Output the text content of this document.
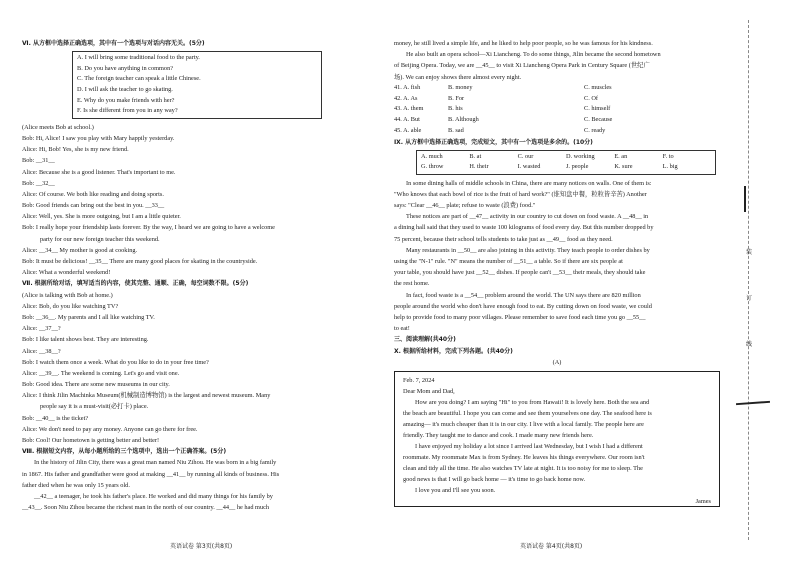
Ⅵ. 从方框中选择正确选项，其中有一个选项与对话内容无关。(5分)
A. I will bring some traditional food to the party.
B. Do you have anything in common?
C. The foreign teacher can speak a little Chinese.
D. I will ask the teacher to go skating.
E. Why do you make friends with her?
F. Is she different from you in any way?
(Alice meets Bob at school.)
Bob: Hi, Alice! I saw you play with Mary happily yesterday.
Alice: Hi, Bob! Yes, she is my new friend.
Bob: __31__
Alice: Because she is a good listener. That's important to me.
Bob: __32__
Alice: Of course. We both like reading and doing sports.
Bob: Good friends can bring out the best in you. __33__
Alice: Well, yes. She is more outgoing, but I am a little quieter.
Bob: I really hope your friendship lasts forever. By the way, I heard we are going to have a welcome
party for our new foreign teacher this weekend.
Alice: __34__ My mother is good at cooking.
Bob: It must be delicious! __35__ There are many good places for skating in the countryside.
Alice: What a wonderful weekend!
Ⅶ. 根据所给对话，填写适当的内容，使其完整、通顺、正确，每空词数不限。(5分)
(Alice is talking with Bob at home.)
Alice: Bob, do you like watching TV?
Bob: __36__. My parents and I all like watching TV.
Alice: __37__?
Bob: I like talent shows best. They are interesting.
Alice: __38__?
Bob: I watch them once a week. What do you like to do in your free time?
Alice: __39__. The weekend is coming. Let's go and visit one.
Bob: Good idea. There are some new museums in our city.
Alice: I think Jilin Machinka Museum(机械制造博物馆) is the largest and newest museum. Many
people say it is a must-visit(必打卡) place.
Bob: __40__ is the ticket?
Alice: We don't need to pay any money. Anyone can go there for free.
Bob: Cool! Our hometown is getting better and better!
Ⅷ. 根据短文内容，从每小题所给的三个选项中，选出一个正确答案。(5分)
In the history of Jilin City, there was a great man named Niu Zihou. He was born in a big family
in 1867. His father and grandfather were good at making __41__ by running all kinds of business. His
father died when he was only 15 years old.
__42__ a teenager, he took his father's place. He worked and did many things for his family by
__43__. Soon Niu Zihou became the richest man in the north of our country. __44__ he had much
money, he still lived a simple life, and he liked to help poor people, so he was famous for his kindness.
He also built an opera school—Xi Liancheng. To do some things, Jilin became the second hometown
of Beijing Opera. Today, we are __45__ to visit Xi Liancheng Opera Park in Century Square (世纪广
场). We can enjoy shows there almost every night.
41. A. fish	B. money	C. muscles
42. A. As	B. For	C. Of
43. A. them	B. his	C. himself
44. A. But	B. Although	C. Because
45. A. able	B. sad	C. ready
Ⅸ. 从方框中选择正确选项，完成短文，其中有一个选项是多余的。(10分)
A. much	B. at	C. our	D. working	E. an	F. to
G. throw	H. their	I. wasted	J. people	K. sure	L. big
In some dining halls of middle schools in China, there are many notices on walls. One of them is:
"Who knows that each bowl of rice is the fruit of hard work?" (谁知盘中餐，粒粒皆辛苦) Another
says: "Clear __46__ plate; refuse to waste (浪费) food."
These notices are part of __47__ activity in our country to cut down on food waste. A __48__ in
a dining hall said that they used to waste 100 kilograms of food every day. But this number dropped by
75 percent, because their school tells students to take just as __49__ food as they need.
Many restaurants in __50__ are also joining in this activity. They teach people to order dishes by
using the "N-1" rule. "N" means the number of __51__ a table. So if there are six people at
your table, you should have just __52__ dishes. If people can't __53__ their meals, they should take
the rest home.
In fact, food waste is a __54__ problem around the world. The UN says there are 820 million
people around the world who don't have enough food to eat. By cutting down on food waste, we could
help to provide food to many poor villages. Please remember to save food each time you go __55__
to eat!
三、阅读理解(共40分)
Ⅹ. 根据所给材料，完成下列各题。(共40分)
(A)
Feb. 7, 2024
Dear Mom and Dad,
How are you doing? I am saying "Hi" to you from Hawaii! It is lovely here. Both the sea and
the beach are beautiful. I hope you can come and see them yourselves one day. The seafood here is
amazing— it's much cheaper than it is in our city. I live with a local family. The people here are
friendly. They taught me to dance and cook. I made many new friends here.
I have enjoyed my holiday a lot since I arrived last Wednesday, but I wish I had a different
roommate. My roommate Max is from Sydney. He leaves his things everywhere. Our room isn't
clean and tidy all the time. He also watches TV late at night. It is too noisy for me to sleep. The
good news is that I will go back home — it's time to go back home now.
I love you and I'll see you soon.
James
英语试卷 第3页(共8页)	英语试卷 第4页(共8页)
装
订
线
